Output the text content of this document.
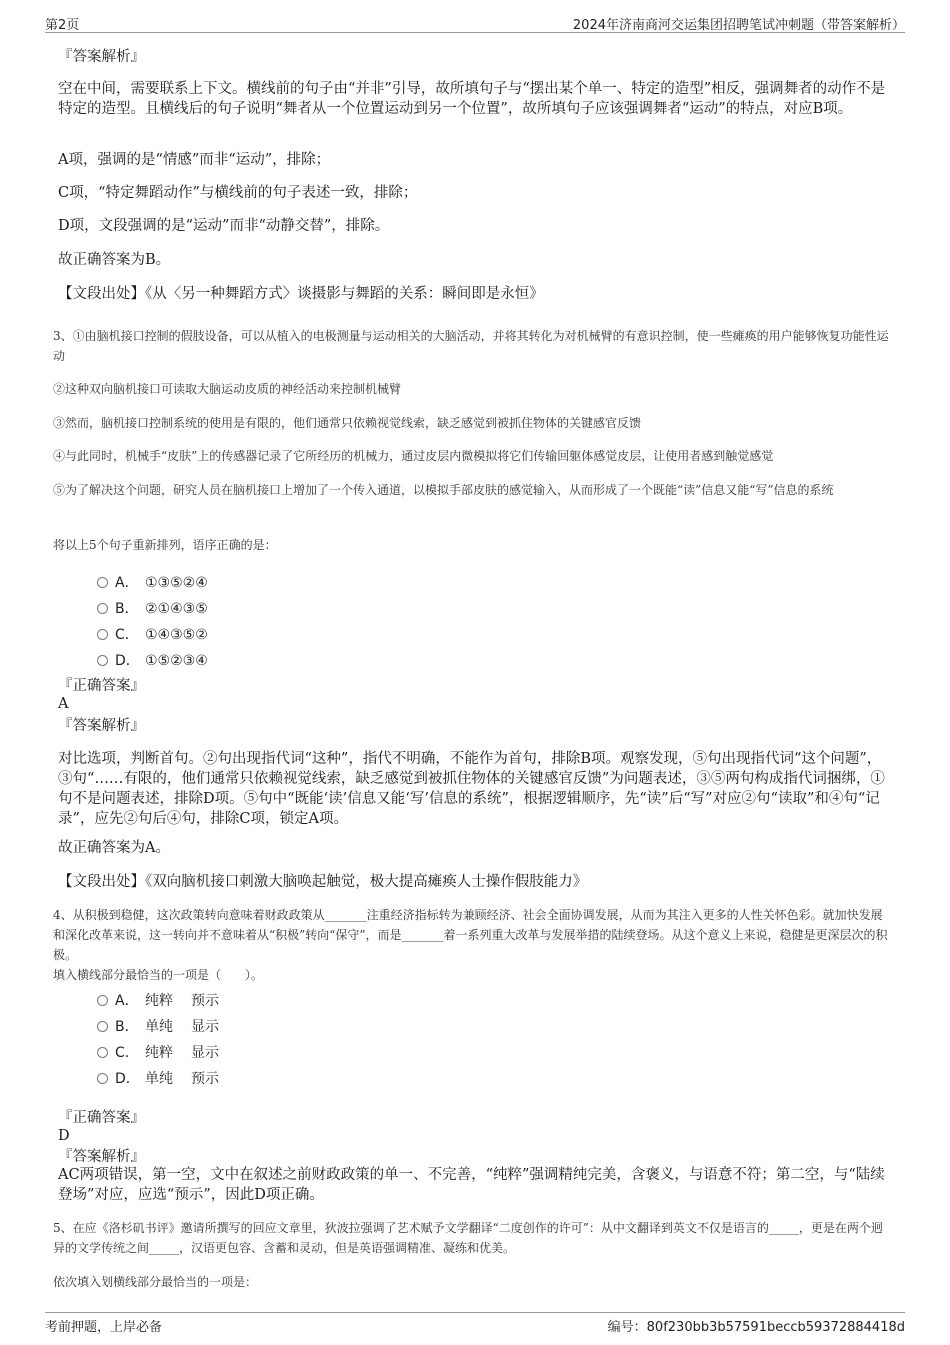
第2页	2024年济南商河交运集团招聘笔试冲刺题（带答案解析）
『答案解析』
空在中间，需要联系上下文。横线前的句子由“并非”引导，故所填句子与“摆出某个单一、特定的造型”相反，强调舞者的动作不是特定的造型。且横线后的句子说明“舞者从一个位置运动到另一个位置”，故所填句子应该强调舞者“运动”的特点，对应B项。
A项，强调的是“情感”而非“运动”，排除；
C项，“特定舞蹈动作”与横线前的句子表述一致，排除；
D项，文段强调的是“运动”而非“动静交替”，排除。
故正确答案为B。
【文段出处】《从〈另一种舞蹈方式〉谈摄影与舞蹈的关系：瞬间即是永恒》
3、①由脑机接口控制的假肢设备，可以从植入的电极测量与运动相关的大脑活动，并将其转化为对机械臂的有意识控制，使一些瘫痪的用户能够恢复功能性运动
②这种双向脑机接口可读取大脑运动皮质的神经活动来控制机械臂
③然而，脑机接口控制系统的使用是有限的，他们通常只依赖视觉线索，缺乏感觉到被抓住物体的关键感官反馈
④与此同时，机械手“皮肤”上的传感器记录了它所经历的机械力，通过皮层内微模拟将它们传输回躯体感觉皮层，让使用者感到触觉感觉
⑤为了解决这个问题，研究人员在脑机接口上增加了一个传入通道，以模拟手部皮肤的感觉输入，从而形成了一个既能“读”信息又能“写”信息的系统
将以上5个句子重新排列，语序正确的是：
A． ①③⑤②④
B． ②①④③⑤
C． ①④③⑤②
D． ①⑤②③④
『正确答案』
A
『答案解析』
对比选项，判断首句。②句出现指代词“这种”，指代不明确，不能作为首句，排除B项。观察发现，⑤句出现指代词“这个问题”，③句“……有限的，他们通常只依赖视觉线索，缺乏感觉到被抓住物体的关键感官反馈”为问题表述，③⑤两句构成指代词捆绑，①句不是问题表述，排除D项。⑤句中“既能‘读’信息又能‘写’信息的系统”，根据逻辑顺序，先“读”后“写”对应②句“读取”和④句“记录”，应先②句后④句，排除C项，锁定A项。
故正确答案为A。
【文段出处】《双向脑机接口刺激大脑唤起触觉，极大提高瘫痪人士操作假肢能力》
4、从积极到稳健，这次政策转向意味着财政政策从_______注重经济指标转为兼顾经济、社会全面协调发展，从而为其注入更多的人性关怀色彩。就加快发展和深化改革来说，这一转向并不意味着从“积极”转向“保守”，而是_______着一系列重大改革与发展举措的陆续登场。从这个意义上来说，稳健是更深层次的积极。
填入横线部分最恰当的一项是（　　）。
A． 纯粹 预示
B． 单纯 显示
C． 纯粹 显示
D． 单纯 预示
『正确答案』
D
『答案解析』
AC两项错误，第一空，文中在叙述之前财政政策的单一、不完善，“纯粹”强调精纯完美，含褒义，与语意不符；第二空，与“陆续登场”对应，应选“预示”，因此D项正确。
5、在应《洛杉矶书评》邀请所撰写的回应文章里，狄波拉强调了艺术赋予文学翻译“二度创作的许可”：从中文翻译到英文不仅是语言的_____，更是在两个迥异的文学传统之间_____，汉语更包容、含蓄和灵动，但是英语强调精准、凝练和优美。
依次填入划横线部分最恰当的一项是：
考前押题，上岸必备	编号：80f230bb3b57591beccb59372884418d
